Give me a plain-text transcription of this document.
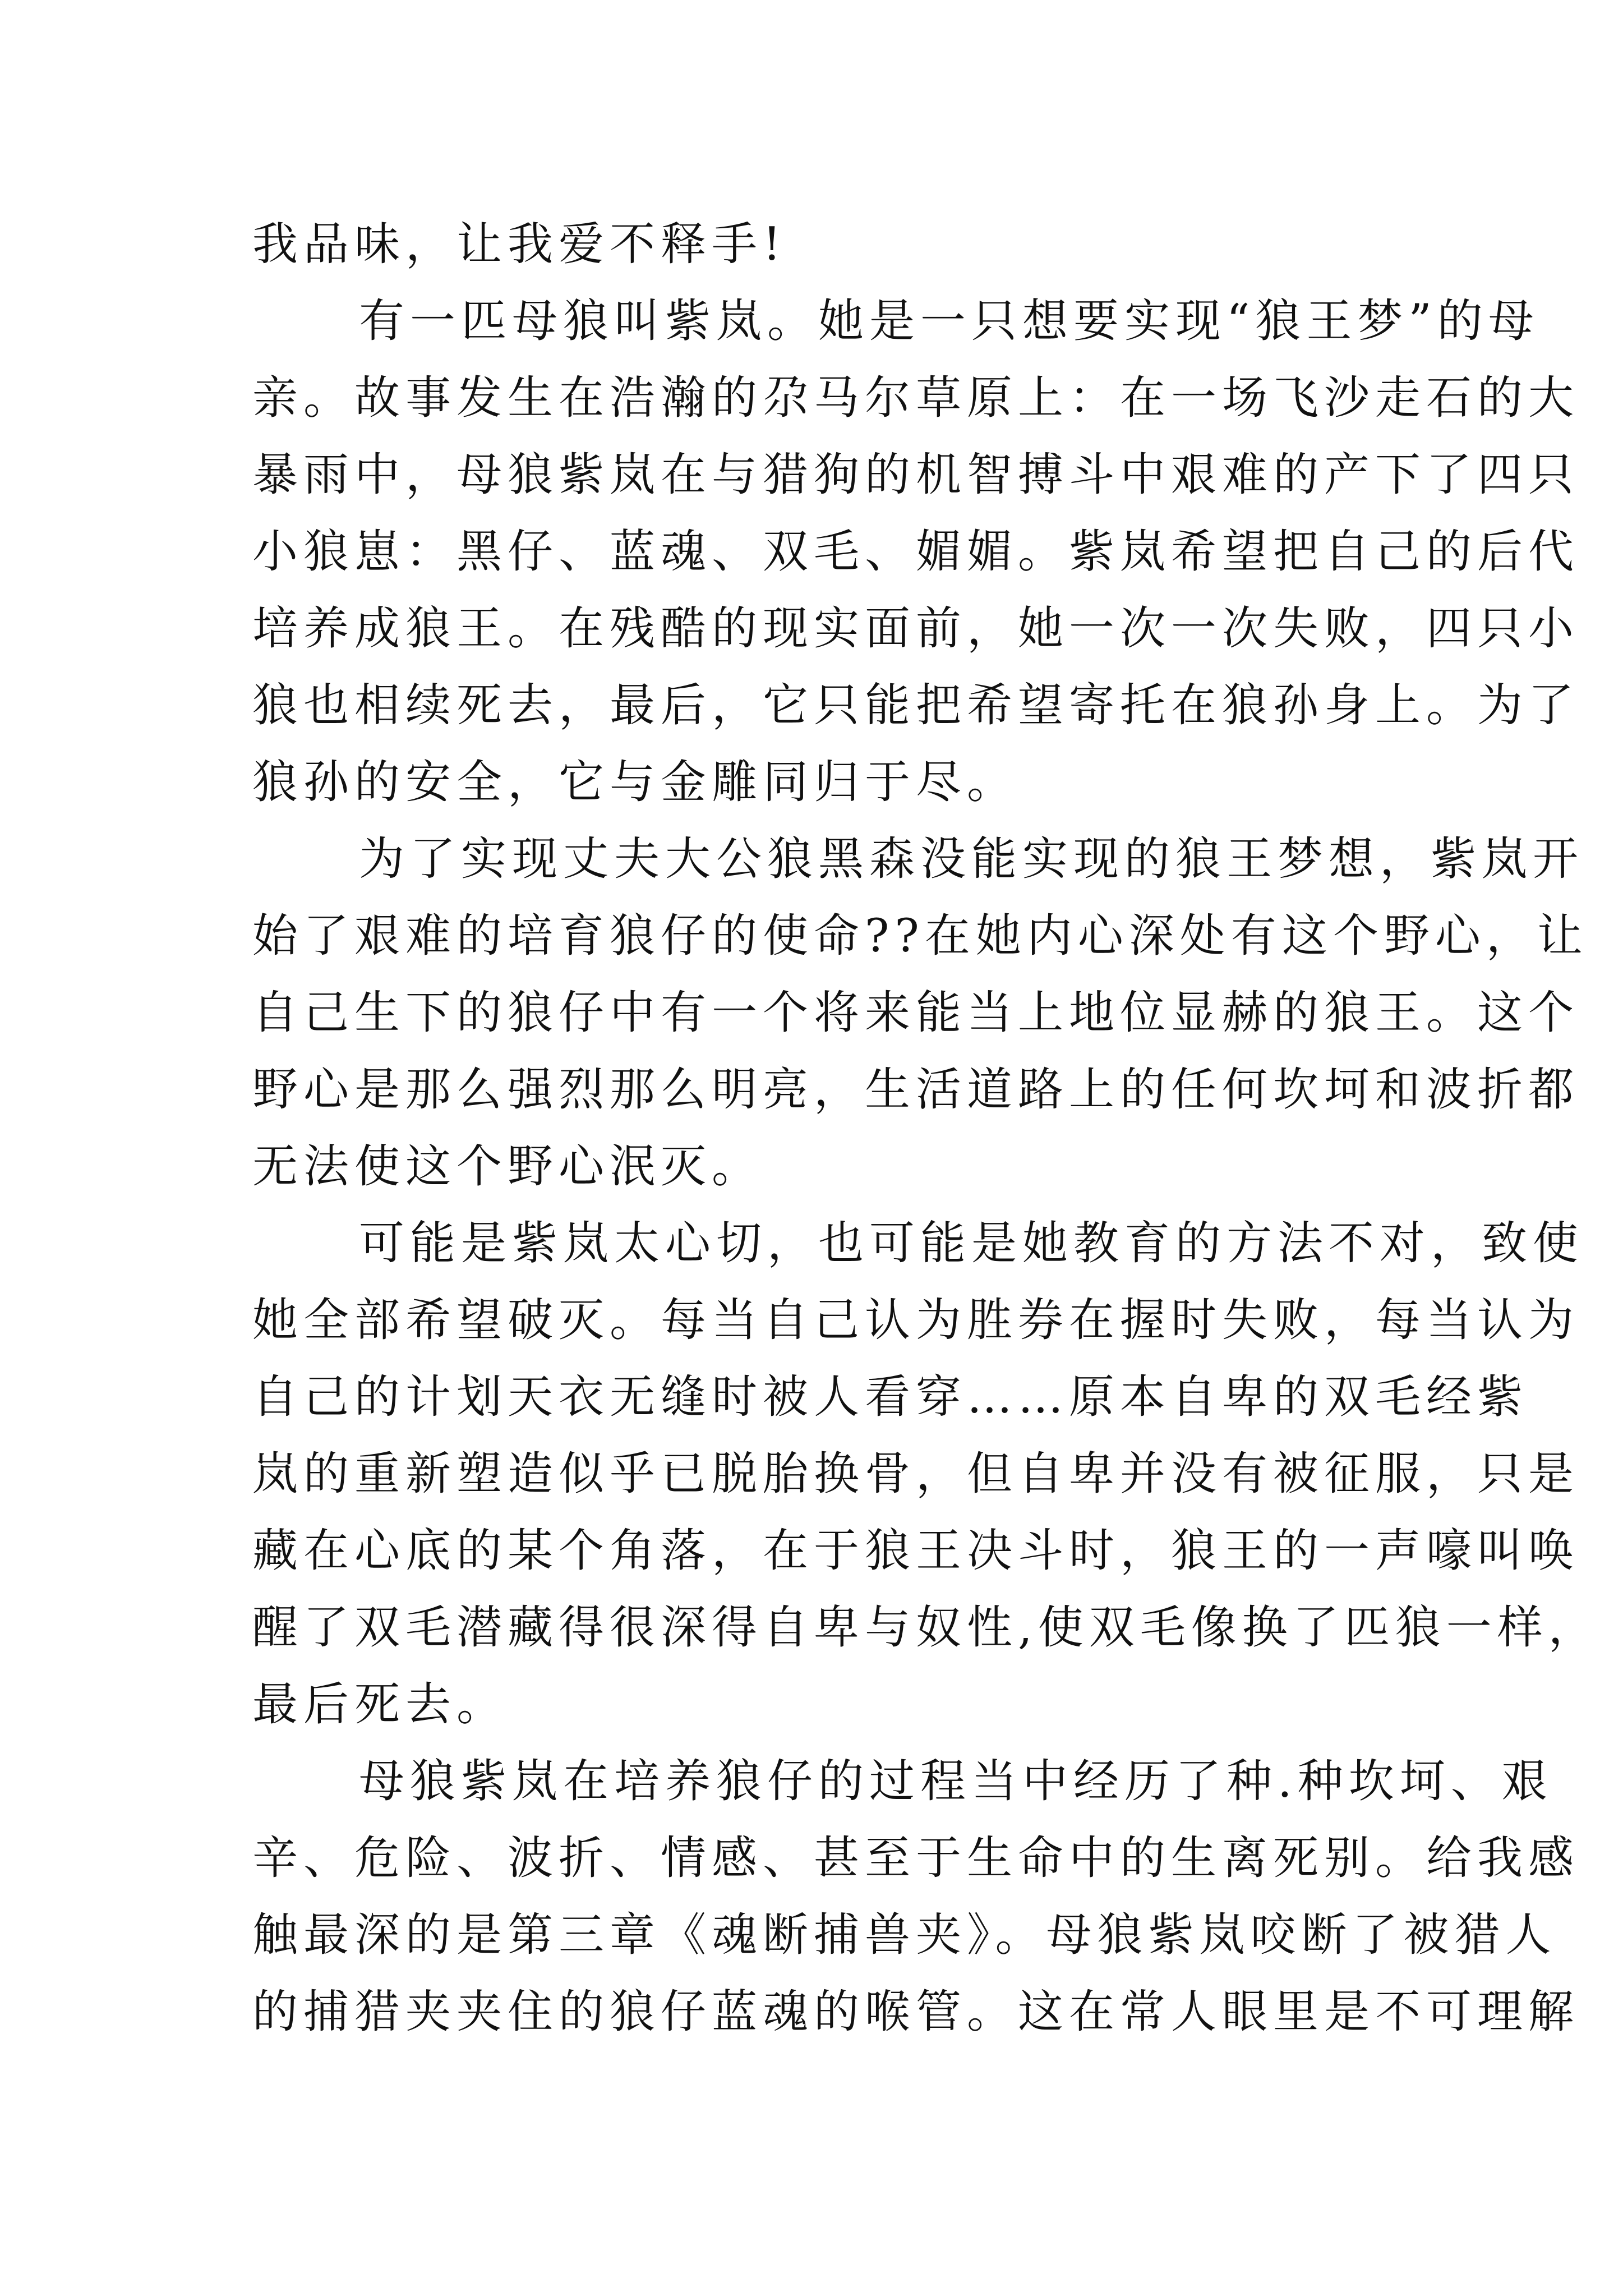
我品味，让我爱不释手!
有一匹母狼叫紫岚。她是一只想要实现“狼王梦”的母
亲。故事发生在浩瀚的尕马尔草原上：在一场飞沙走石的大
暴雨中，母狼紫岚在与猎狗的机智搏斗中艰难的产下了四只
小狼崽：黑仔、蓝魂、双毛、媚媚。紫岚希望把自己的后代
培养成狼王。在残酷的现实面前，她一次一次失败，四只小
狼也相续死去，最后，它只能把希望寄托在狼孙身上。为了
狼孙的安全，它与金雕同归于尽。
为了实现丈夫大公狼黑森没能实现的狼王梦想，紫岚开
始了艰难的培育狼仔的使命??在她内心深处有这个野心，让
自己生下的狼仔中有一个将来能当上地位显赫的狼王。这个
野心是那么强烈那么明亮，生活道路上的任何坎坷和波折都
无法使这个野心泯灭。
可能是紫岚太心切，也可能是她教育的方法不对，致使
她全部希望破灭。每当自己认为胜券在握时失败，每当认为
自己的计划天衣无缝时被人看穿……原本自卑的双毛经紫
岚的重新塑造似乎已脱胎换骨，但自卑并没有被征服，只是
藏在心底的某个角落，在于狼王决斗时，狼王的一声嚎叫唤
醒了双毛潜藏得很深得自卑与奴性,使双毛像换了匹狼一样，
最后死去。
母狼紫岚在培养狼仔的过程当中经历了种.种坎坷、艰
辛、危险、波折、情感、甚至于生命中的生离死别。给我感
触最深的是第三章《魂断捕兽夹》。母狼紫岚咬断了被猎人
的捕猎夹夹住的狼仔蓝魂的喉管。这在常人眼里是不可理解
